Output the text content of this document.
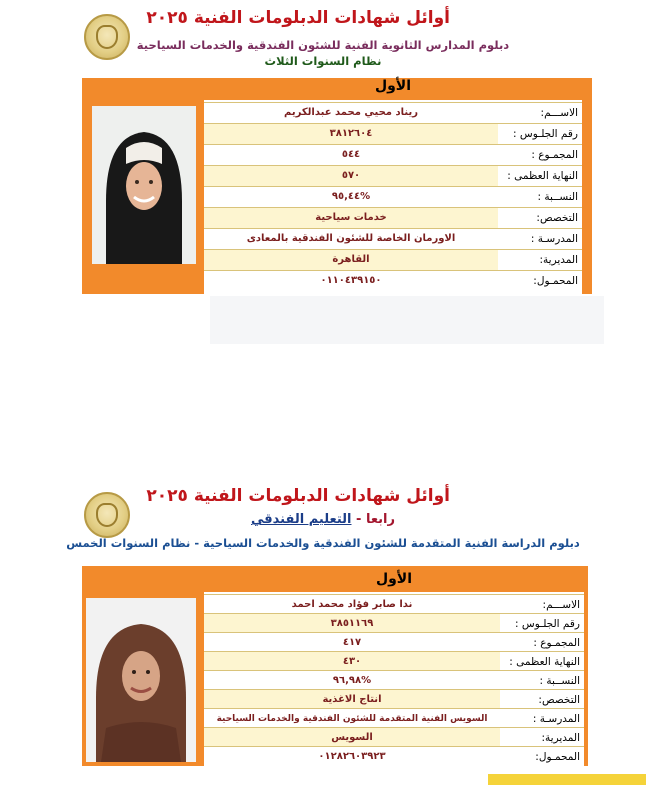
أوائل شهادات الدبلومات الفنية ٢٠٢٥
دبلوم المدارس الثانوية الفنية للشئون الفندقية والخدمات السياحية
نظام السنوات الثلاث
الأول
الاســـم:
ريناد محيي محمد عبدالكريم
رقم الجلـوس :
٣٨١٢٦٠٤
المجمـوع :
٥٤٤
النهاية العظمى :
٥٧٠
النســبة :
%٩٥,٤٤
التخصص:
خدمات سياحية
المدرسـة :
الاورمان الخاصة للشئون الفندقية بالمعادى
المديرية:
القاهرة
المحمـول:
٠١١٠٤٣٩١٥٠
أوائل شهادات الدبلومات الفنية ٢٠٢٥
رابعا - التعليم الفندقي
دبلوم الدراسة الفنية المتقدمة للشئون الفندقية والخدمات السياحية - نظام السنوات الخمس
الأول
الاســـم:
ندا صابر فؤاد محمد احمد
رقم الجلـوس :
٣٨٥١١٦٩
المجمـوع :
٤١٧
النهاية العظمى :
٤٣٠
النســبة :
%٩٦,٩٨
التخصص:
انتاج الاغذية
المدرسـة :
السويس الفنية المتقدمة للشئون الفندقية والخدمات السياحية
المديرية:
السويس
المحمـول:
٠١٢٨٢٦٠٣٩٢٣
